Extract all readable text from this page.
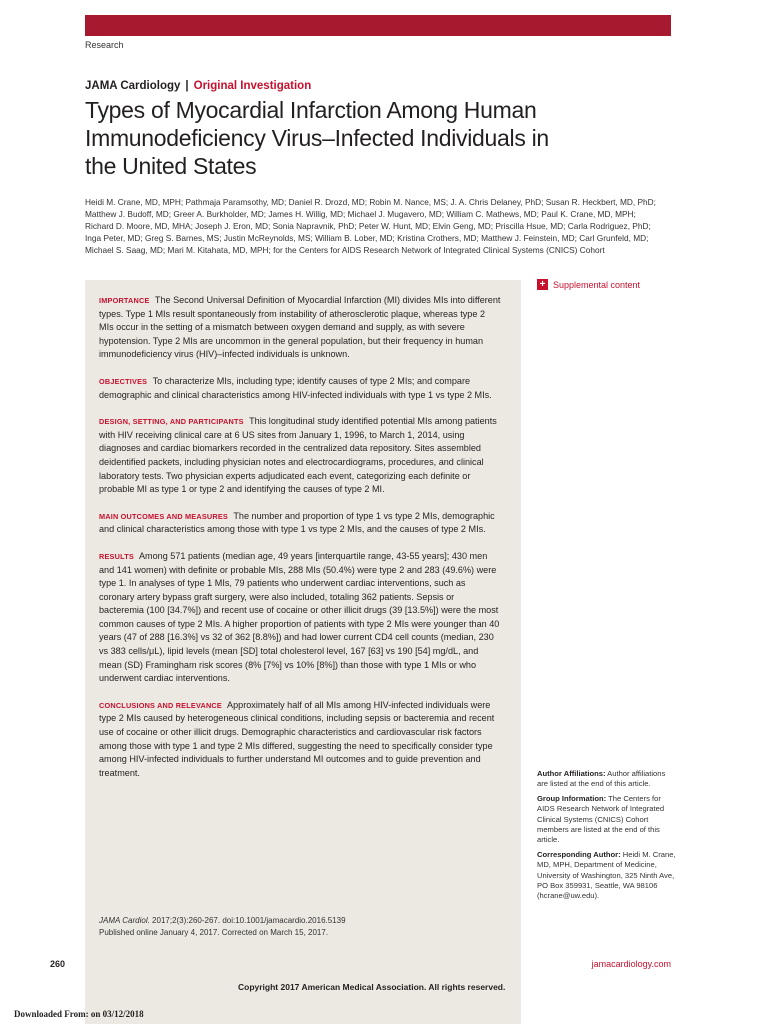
Research
JAMA Cardiology | Original Investigation
Types of Myocardial Infarction Among Human Immunodeficiency Virus–Infected Individuals in the United States
Heidi M. Crane, MD, MPH; Pathmaja Paramsothy, MD; Daniel R. Drozd, MD; Robin M. Nance, MS; J. A. Chris Delaney, PhD; Susan R. Heckbert, MD, PhD; Matthew J. Budoff, MD; Greer A. Burkholder, MD; James H. Willig, MD; Michael J. Mugavero, MD; William C. Mathews, MD; Paul K. Crane, MD, MPH; Richard D. Moore, MD, MHA; Joseph J. Eron, MD; Sonia Napravnik, PhD; Peter W. Hunt, MD; Elvin Geng, MD; Priscilla Hsue, MD; Carla Rodriguez, PhD; Inga Peter, MD; Greg S. Barnes, MS; Justin McReynolds, MS; William B. Lober, MD; Kristina Crothers, MD; Matthew J. Feinstein, MD; Carl Grunfeld, MD; Michael S. Saag, MD; Mari M. Kitahata, MD, MPH; for the Centers for AIDS Research Network of Integrated Clinical Systems (CNICS) Cohort
+ Supplemental content

IMPORTANCE The Second Universal Definition of Myocardial Infarction (MI) divides MIs into different types. Type 1 MIs result spontaneously from instability of atherosclerotic plaque, whereas type 2 MIs occur in the setting of a mismatch between oxygen demand and supply, as with severe hypotension. Type 2 MIs are uncommon in the general population, but their frequency in human immunodeficiency virus (HIV)–infected individuals is unknown.

OBJECTIVES To characterize MIs, including type; identify causes of type 2 MIs; and compare demographic and clinical characteristics among HIV-infected individuals with type 1 vs type 2 MIs.

DESIGN, SETTING, AND PARTICIPANTS This longitudinal study identified potential MIs among patients with HIV receiving clinical care at 6 US sites from January 1, 1996, to March 1, 2014, using diagnoses and cardiac biomarkers recorded in the centralized data repository. Sites assembled deidentified packets, including physician notes and electrocardiograms, procedures, and clinical laboratory tests. Two physician experts adjudicated each event, categorizing each definite or probable MI as type 1 or type 2 and identifying the causes of type 2 MI.

MAIN OUTCOMES AND MEASURES The number and proportion of type 1 vs type 2 MIs, demographic and clinical characteristics among those with type 1 vs type 2 MIs, and the causes of type 2 MIs.

RESULTS Among 571 patients (median age, 49 years [interquartile range, 43-55 years]; 430 men and 141 women) with definite or probable MIs, 288 MIs (50.4%) were type 2 and 283 (49.6%) were type 1. In analyses of type 1 MIs, 79 patients who underwent cardiac interventions, such as coronary artery bypass graft surgery, were also included, totaling 362 patients. Sepsis or bacteremia (100 [34.7%]) and recent use of cocaine or other illicit drugs (39 [13.5%]) were the most common causes of type 2 MIs. A higher proportion of patients with type 2 MIs were younger than 40 years (47 of 288 [16.3%] vs 32 of 362 [8.8%]) and had lower current CD4 cell counts (median, 230 vs 383 cells/μL), lipid levels (mean [SD] total cholesterol level, 167 [63] vs 190 [54] mg/dL, and mean (SD) Framingham risk scores (8% [7%] vs 10% [8%]) than those with type 1 MIs or who underwent cardiac interventions.

CONCLUSIONS AND RELEVANCE Approximately half of all MIs among HIV-infected individuals were type 2 MIs caused by heterogeneous clinical conditions, including sepsis or bacteremia and recent use of cocaine or other illicit drugs. Demographic characteristics and cardiovascular risk factors among those with type 1 and type 2 MIs differed, suggesting the need to specifically consider type among HIV-infected individuals to further understand MI outcomes and to guide prevention and treatment.

JAMA Cardiol. 2017;2(3):260-267. doi:10.1001/jamacardio.2016.5139
Published online January 4, 2017. Corrected on March 15, 2017.

Author Affiliations: Author affiliations are listed at the end of this article.

Group Information: The Centers for AIDS Research Network of Integrated Clinical Systems (CNICS) Cohort members are listed at the end of this article.

Corresponding Author: Heidi M. Crane, MD, MPH, Department of Medicine, University of Washington, 325 Ninth Ave, PO Box 359931, Seattle, WA 98106 (hcrane@uw.edu).

260	jamacardiology.com
Copyright 2017 American Medical Association. All rights reserved.
Downloaded From: on 03/12/2018
